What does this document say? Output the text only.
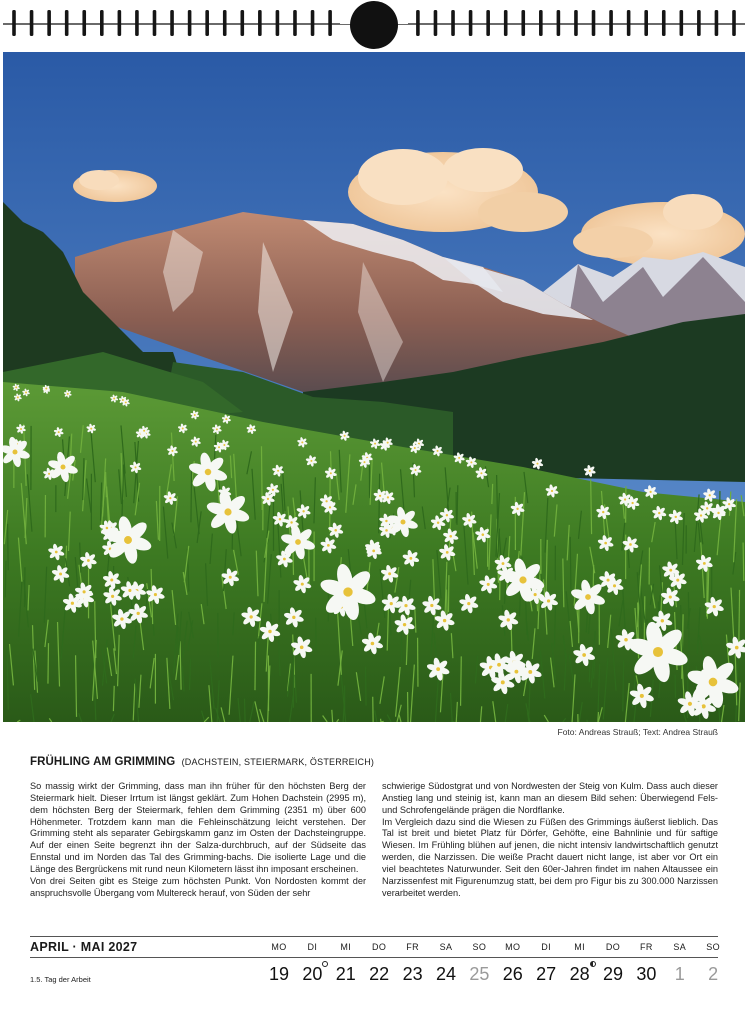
Foto: Andreas Strauß; Text: Andrea Strauß
FRÜHLING AM GRIMMING (DACHSTEIN, STEIERMARK, ÖSTERREICH)

So massig wirkt der Grimming, dass man ihn früher für den höchsten Berg der Steiermark hielt. Dieser Irrtum ist längst geklärt. Zum Hohen Dachstein (2995 m), dem höchsten Berg der Steiermark, fehlen dem Grimming (2351 m) über 600 Höhenmeter. Trotzdem kann man die Fehleinschätzung leicht verstehen. Der Grimming steht als separater Gebirgskamm ganz im Osten der Dachsteingruppe. Auf der einen Seite begrenzt ihn der Salza-durchbruch, auf der Südseite das Ennstal und im Norden das Tal des Grimming-bachs. Die isolierte Lage und die Länge des Bergrückens mit rund neun Kilometern lässt ihn imposant erscheinen.

Von drei Seiten gibt es Steige zum höchsten Punkt. Von Nordosten kommt der anspruchsvolle Übergang vom Multereck herauf, von Süden der sehr

schwierige Südostgrat und von Nordwesten der Steig von Kulm. Dass auch dieser Anstieg lang und steinig ist, kann man an diesem Bild sehen: Überwiegend Fels- und Schrofengelände prägen die Nordflanke.

Im Vergleich dazu sind die Wiesen zu Füßen des Grimmings äußerst lieblich. Das Tal ist breit und bietet Platz für Dörfer, Gehöfte, eine Bahnlinie und für saftige Wiesen. Im Frühling blühen auf jenen, die nicht intensiv landwirtschaftlich genutzt werden, die Narzissen. Die weiße Pracht dauert nicht lange, ist aber vor Ort ein viel beachtetes Naturwunder. Seit den 60er-Jahren findet im nahen Altaussee ein Narzissenfest mit Figurenumzug statt, bei dem pro Figur bis zu 300.000 Narzissen verarbeitet werden.

APRIL · MAI 2027
1.5. Tag der Arbeit
MO
19
DI
20
MI
21
DO
22
FR
23
SA
24
SO
25
MO
26
DI
27
MI
28
DO
29
FR
30
SA
1
SO
2
